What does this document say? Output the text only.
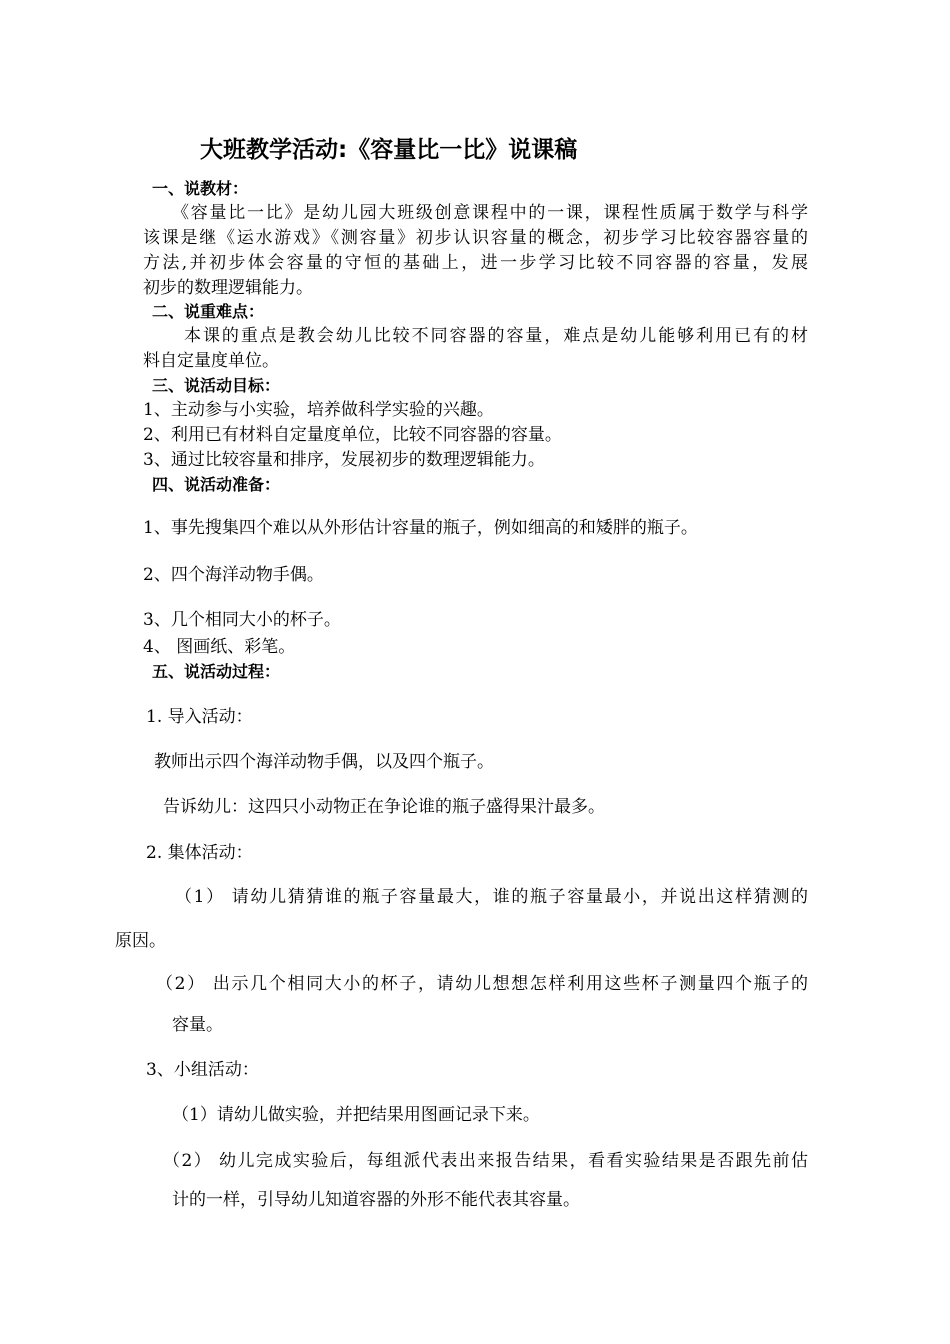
大班教学活动:《容量比一比》说课稿
一、说教材：
《容量比一比》是幼儿园大班级创意课程中的一课，课程性质属于数学与科学
该课是继《运水游戏》《测容量》初步认识容量的概念，初步学习比较容器容量的
方法,并初步体会容量的守恒的基础上，进一步学习比较不同容器的容量，发展
初步的数理逻辑能力。
二、说重难点：
本课的重点是教会幼儿比较不同容器的容量，难点是幼儿能够利用已有的材
料自定量度单位。
三、说活动目标：
1、主动参与小实验，培养做科学实验的兴趣。
2、利用已有材料自定量度单位，比较不同容器的容量。
3、通过比较容量和排序，发展初步的数理逻辑能力。
四、说活动准备：
1、事先搜集四个难以从外形估计容量的瓶子，例如细高的和矮胖的瓶子。
2、四个海洋动物手偶。
3、几个相同大小的杯子。
4、 图画纸、彩笔。
五、说活动过程：
1. 导入活动：
教师出示四个海洋动物手偶，以及四个瓶子。
告诉幼儿：这四只小动物正在争论谁的瓶子盛得果汁最多。
2. 集体活动：
（1） 请幼儿猜猜谁的瓶子容量最大，谁的瓶子容量最小，并说出这样猜测的
原因。
（2） 出示几个相同大小的杯子，请幼儿想想怎样利用这些杯子测量四个瓶子的
容量。
3、小组活动：
（1）请幼儿做实验，并把结果用图画记录下来。
（2） 幼儿完成实验后，每组派代表出来报告结果，看看实验结果是否跟先前估
计的一样，引导幼儿知道容器的外形不能代表其容量。
